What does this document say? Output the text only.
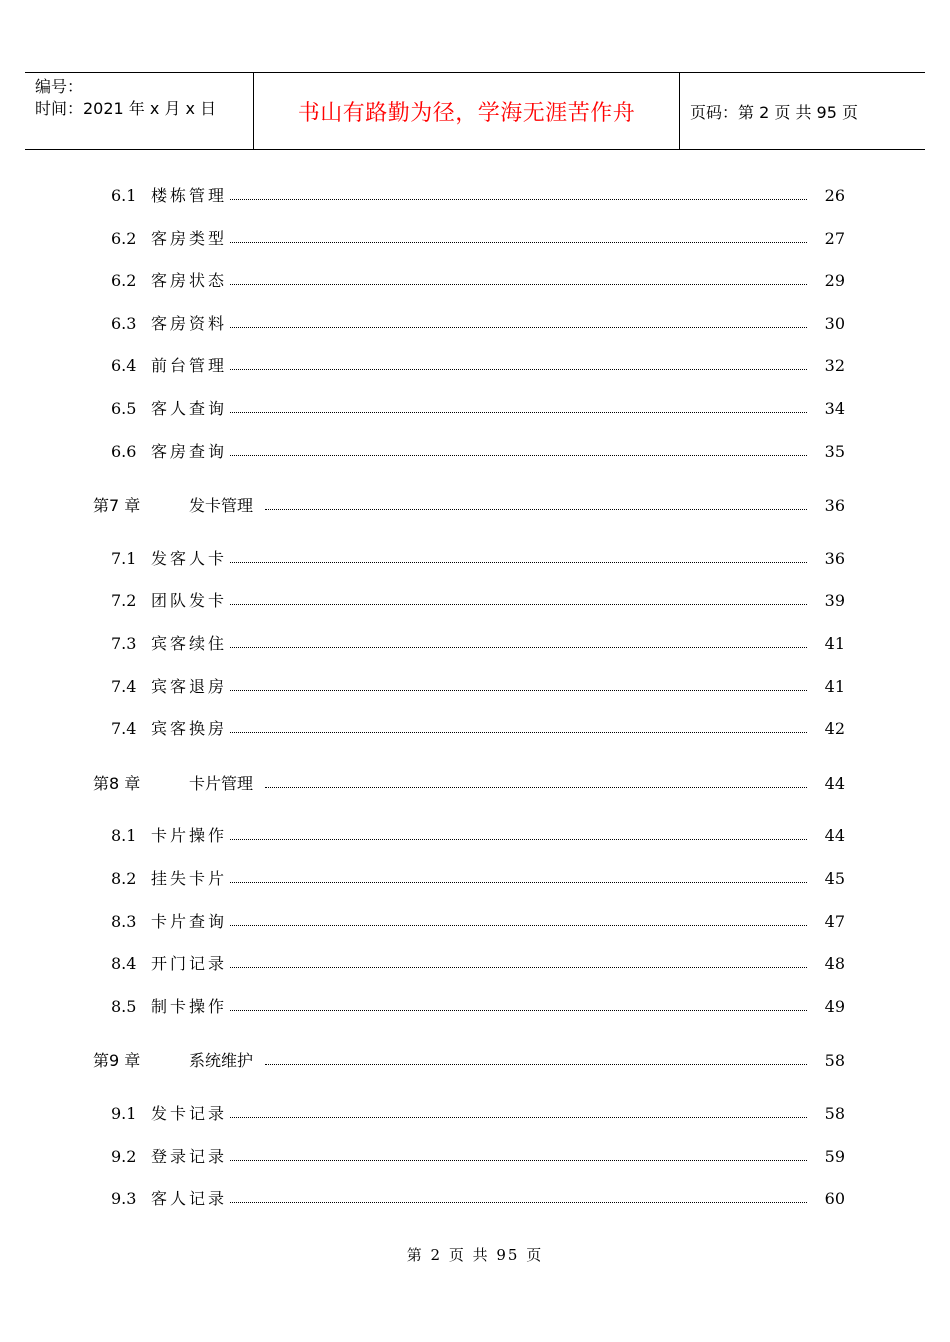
编号：
时间：2021 年 x 月 x 日	书山有路勤为径，学海无涯苦作舟	页码：第 2 页 共 95 页
6.1 楼栋管理	26
6.2 客房类型	27
6.2 客房状态	29
6.3 客房资料	30
6.4 前台管理	32
6.5 客人查询	34
6.6 客房查询	35
第7 章	发卡管理	36
7.1 发客人卡	36
7.2 团队发卡	39
7.3 宾客续住	41
7.4 宾客退房	41
7.4 宾客换房	42
第8 章	卡片管理	44
8.1 卡片操作	44
8.2 挂失卡片	45
8.3 卡片查询	47
8.4 开门记录	48
8.5 制卡操作	49
第9 章	系统维护	58
9.1 发卡记录	58
9.2 登录记录	59
9.3 客人记录	60
第 2 页 共 95 页
